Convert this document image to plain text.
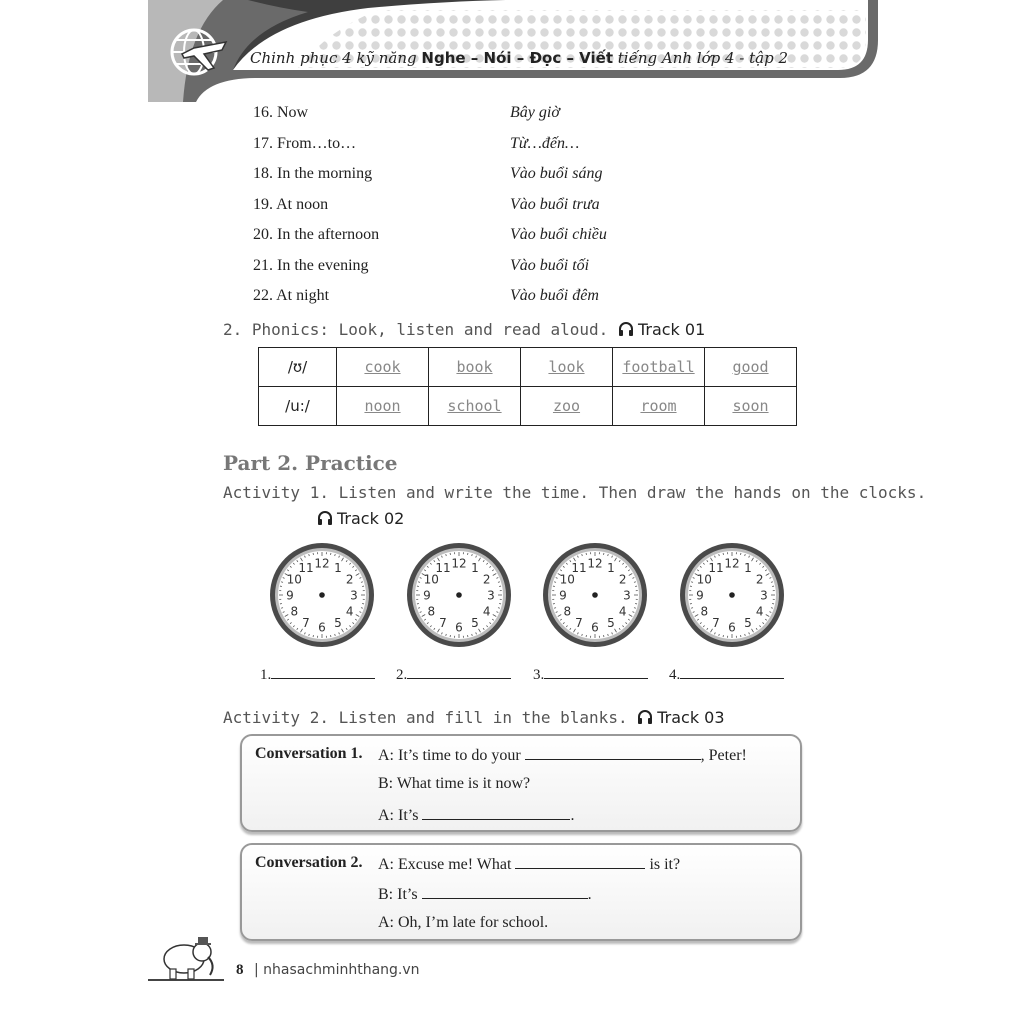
Chinh phục 4 kỹ năng Nghe – Nói – Đọc – Viết tiếng Anh lớp 4 - tập 2
16. Now	Bây giờ
17. From…to…	Từ…đến…
18. In the morning	Vào buổi sáng
19. At noon	Vào buổi trưa
20. In the afternoon	Vào buổi chiều
21. In the evening	Vào buổi tối
22. At night	Vào buổi đêm
2. Phonics: Look, listen and read aloud. Track 01
/ʊ/	cook	book	look	football	good
/u:/	noon	school	zoo	room	soon
Part 2. Practice
Activity 1. Listen and write the time. Then draw the hands on the clocks.
Track 02
12 1
2
3
4
5
6
7
8
9
10
11	12 1
2
3
4
5
6
7
8
9
10
11	12 1
2
3
4
5
6
7
8
9
10
11	12 1
2
3
4
5
6
7
8
9
10
11
1.	2.	3.	4.
Activity 2. Listen and fill in the blanks. Track 03
Conversation 1. A: It’s time to do your	, Peter!
B: What time is it now?
A: It’s	.
Conversation 2. A: Excuse me! What	is it?
B: It’s	.
A: Oh, I’m late for school.
8 | nhasachminhthang.vn
